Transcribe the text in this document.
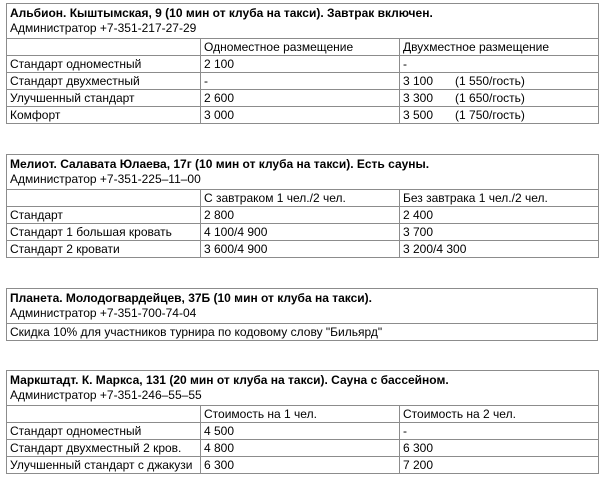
Альбион. Кыштымская, 9 (10 мин от клуба на такси). Завтрак включен.
Администратор +7-351-217-27-29		

	Одноместное размещение	Двухместное размещение
Стандарт одноместный	2 100	-
Стандарт двухместный	-	3 100 (1 550/гость)
Улучшенный стандарт	2 600	3 300 (1 650/гость)
Комфорт	3 000	3 500 (1 750/гость)
Мелиот. Салавата Юлаева, 17г (10 мин от клуба на такси). Есть сауны.
Администратор +7-351-225–11–00		

	С завтраком 1 чел./2 чел.	Без завтрака 1 чел./2 чел.
Стандарт	2 800	2 400
Стандарт 1 большая кровать	4 100/4 900	3 700
Стандарт 2 кровати	3 600/4 900	3 200/4 300
Планета. Молодогвардейцев, 37Б (10 мин от клуба на такси).
Администратор +7-351-700-74-04

Скидка 10% для участников турнира по кодовому слову "Бильярд"
Маркштадт. К. Маркса, 131 (20 мин от клуба на такси). Сауна с бассейном.
Администратор +7-351-246–55–55		

	Стоимость на 1 чел.	Стоимость на 2 чел.
Стандарт одноместный	4 500	-
Стандарт двухместный 2 кров.	4 800	6 300
Улучшенный стандарт с джакузи	6 300	7 200
